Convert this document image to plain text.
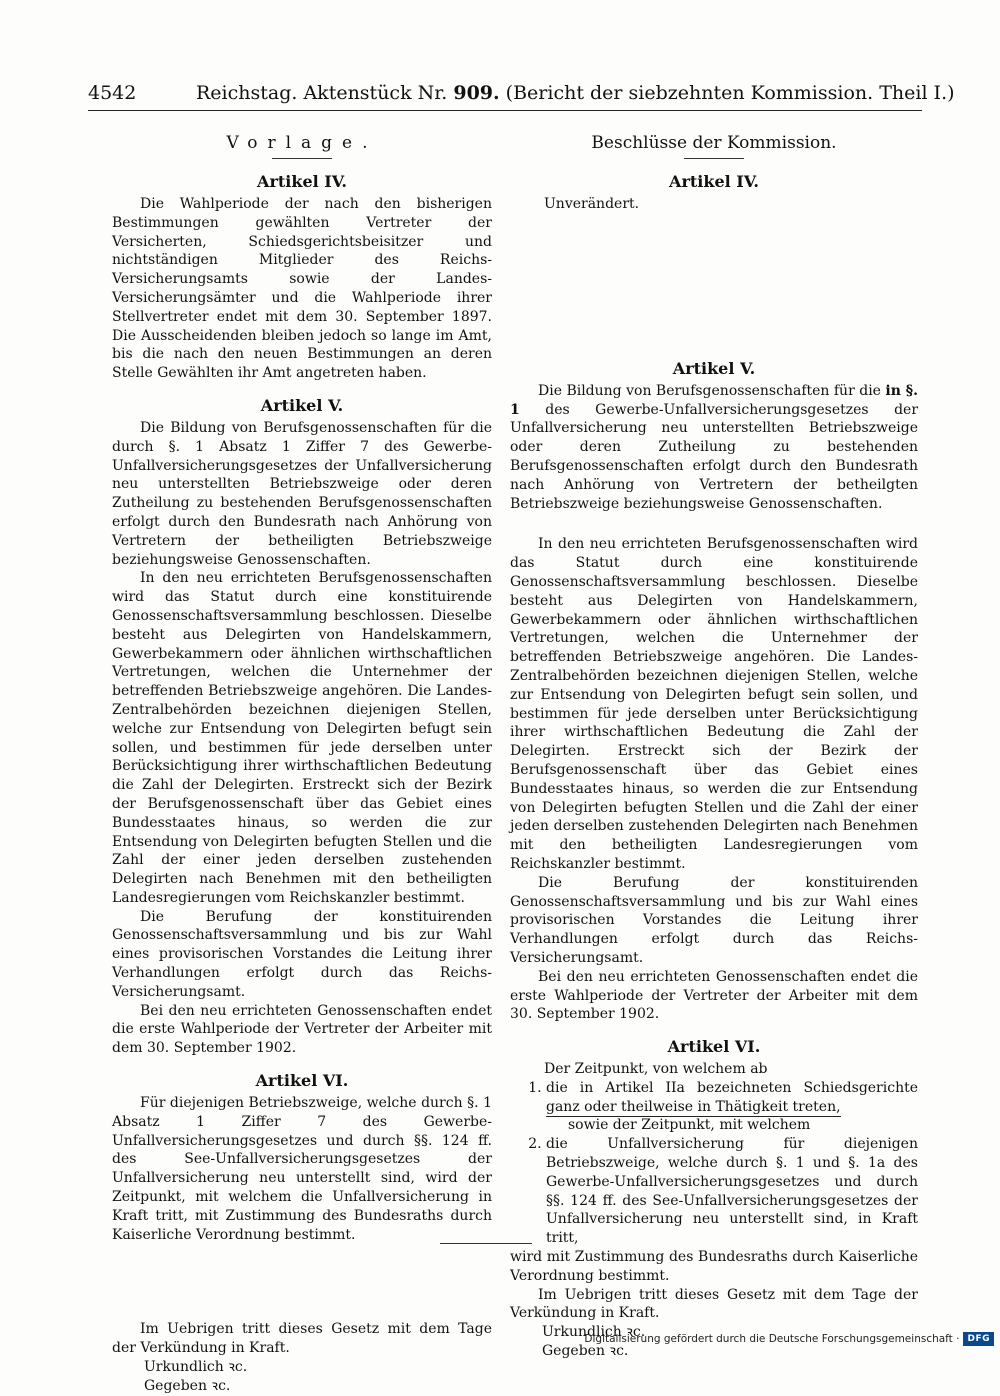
4542	Reichstag. Aktenstück Nr. 909. (Bericht der siebzehnten Kommission. Theil I.)
Vorlage.
Artikel IV.

Die Wahlperiode der nach den bisherigen Bestimmungen gewählten Vertreter der Versicherten, Schiedsgerichtsbeisitzer und nichtständigen Mitglieder des Reichs-Versicherungsamts sowie der Landes-Versicherungsämter und die Wahlperiode ihrer Stellvertreter endet mit dem 30. September 1897. Die Ausscheidenden bleiben jedoch so lange im Amt, bis die nach den neuen Bestimmungen an deren Stelle Gewählten ihr Amt angetreten haben.

Artikel V.

Die Bildung von Berufsgenossenschaften für die durch §. 1 Absatz 1 Ziffer 7 des Gewerbe-Unfallversicherungsgesetzes der Unfallversicherung neu unterstellten Betriebszweige oder deren Zutheilung zu bestehenden Berufsgenossenschaften erfolgt durch den Bundesrath nach Anhörung von Vertretern der betheiligten Betriebszweige beziehungsweise Genossenschaften.

In den neu errichteten Berufsgenossenschaften wird das Statut durch eine konstituirende Genossenschaftsversammlung beschlossen. Dieselbe besteht aus Delegirten von Handelskammern, Gewerbekammern oder ähnlichen wirthschaftlichen Vertretungen, welchen die Unternehmer der betreffenden Betriebszweige angehören. Die Landes-Zentralbehörden bezeichnen diejenigen Stellen, welche zur Entsendung von Delegirten befugt sein sollen, und bestimmen für jede derselben unter Berücksichtigung ihrer wirthschaftlichen Bedeutung die Zahl der Delegirten. Erstreckt sich der Bezirk der Berufsgenossenschaft über das Gebiet eines Bundesstaates hinaus, so werden die zur Entsendung von Delegirten befugten Stellen und die Zahl der einer jeden derselben zustehenden Delegirten nach Benehmen mit den betheiligten Landesregierungen vom Reichskanzler bestimmt.

Die Berufung der konstituirenden Genossenschaftsversammlung und bis zur Wahl eines provisorischen Vorstandes die Leitung ihrer Verhandlungen erfolgt durch das Reichs-Versicherungsamt.

Bei den neu errichteten Genossenschaften endet die erste Wahlperiode der Vertreter der Arbeiter mit dem 30. September 1902.

Artikel VI.

Für diejenigen Betriebszweige, welche durch §. 1 Absatz 1 Ziffer 7 des Gewerbe-Unfallversicherungsgesetzes und durch §§. 124 ff. des See-Unfallversicherungsgesetzes der Unfallversicherung neu unterstellt sind, wird der Zeitpunkt, mit welchem die Unfallversicherung in Kraft tritt, mit Zustimmung des Bundesraths durch Kaiserliche Verordnung bestimmt.

Im Uebrigen tritt dieses Gesetz mit dem Tage der Verkündung in Kraft.

Urkundlich ꝛc.
Gegeben ꝛc.
Beschlüsse der Kommission.
Artikel IV.

Unverändert.

Artikel V.

Die Bildung von Berufsgenossenschaften für die in §. 1 des Gewerbe-Unfallversicherungsgesetzes der Unfallversicherung neu unterstellten Betriebszweige oder deren Zutheilung zu bestehenden Berufsgenossenschaften erfolgt durch den Bundesrath nach Anhörung von Vertretern der betheilgten Betriebszweige beziehungsweise Genossenschaften.

In den neu errichteten Berufsgenossenschaften wird das Statut durch eine konstituirende Genossenschaftsversammlung beschlossen. Dieselbe besteht aus Delegirten von Handelskammern, Gewerbekammern oder ähnlichen wirthschaftlichen Vertretungen, welchen die Unternehmer der betreffenden Betriebszweige angehören. Die Landes-Zentralbehörden bezeichnen diejenigen Stellen, welche zur Entsendung von Delegirten befugt sein sollen, und bestimmen für jede derselben unter Berücksichtigung ihrer wirthschaftlichen Bedeutung die Zahl der Delegirten. Erstreckt sich der Bezirk der Berufsgenossenschaft über das Gebiet eines Bundesstaates hinaus, so werden die zur Entsendung von Delegirten befugten Stellen und die Zahl der einer jeden derselben zustehenden Delegirten nach Benehmen mit den betheiligten Landesregierungen vom Reichskanzler bestimmt.

Die Berufung der konstituirenden Genossenschaftsversammlung und bis zur Wahl eines provisorischen Vorstandes die Leitung ihrer Verhandlungen erfolgt durch das Reichs-Versicherungsamt.

Bei den neu errichteten Genossenschaften endet die erste Wahlperiode der Vertreter der Arbeiter mit dem 30. September 1902.

Artikel VI.

Der Zeitpunkt, von welchem ab

1. die in Artikel IIa bezeichneten Schiedsgerichte ganz oder theilweise in Thätigkeit treten,

sowie der Zeitpunkt, mit welchem

2. die Unfallversicherung für diejenigen Betriebszweige, welche durch §. 1 und §. 1a des Gewerbe-Unfallversicherungsgesetzes und durch §§. 124 ff. des See-Unfallversicherungsgesetzes der Unfallversicherung neu unterstellt sind, in Kraft tritt,

wird mit Zustimmung des Bundesraths durch Kaiserliche Verordnung bestimmt.

Im Uebrigen tritt dieses Gesetz mit dem Tage der Verkündung in Kraft.

Urkundlich ꝛc.
Gegeben ꝛc.
Digitalisierung gefördert durch die Deutsche Forschungsgemeinschaft · DFG
